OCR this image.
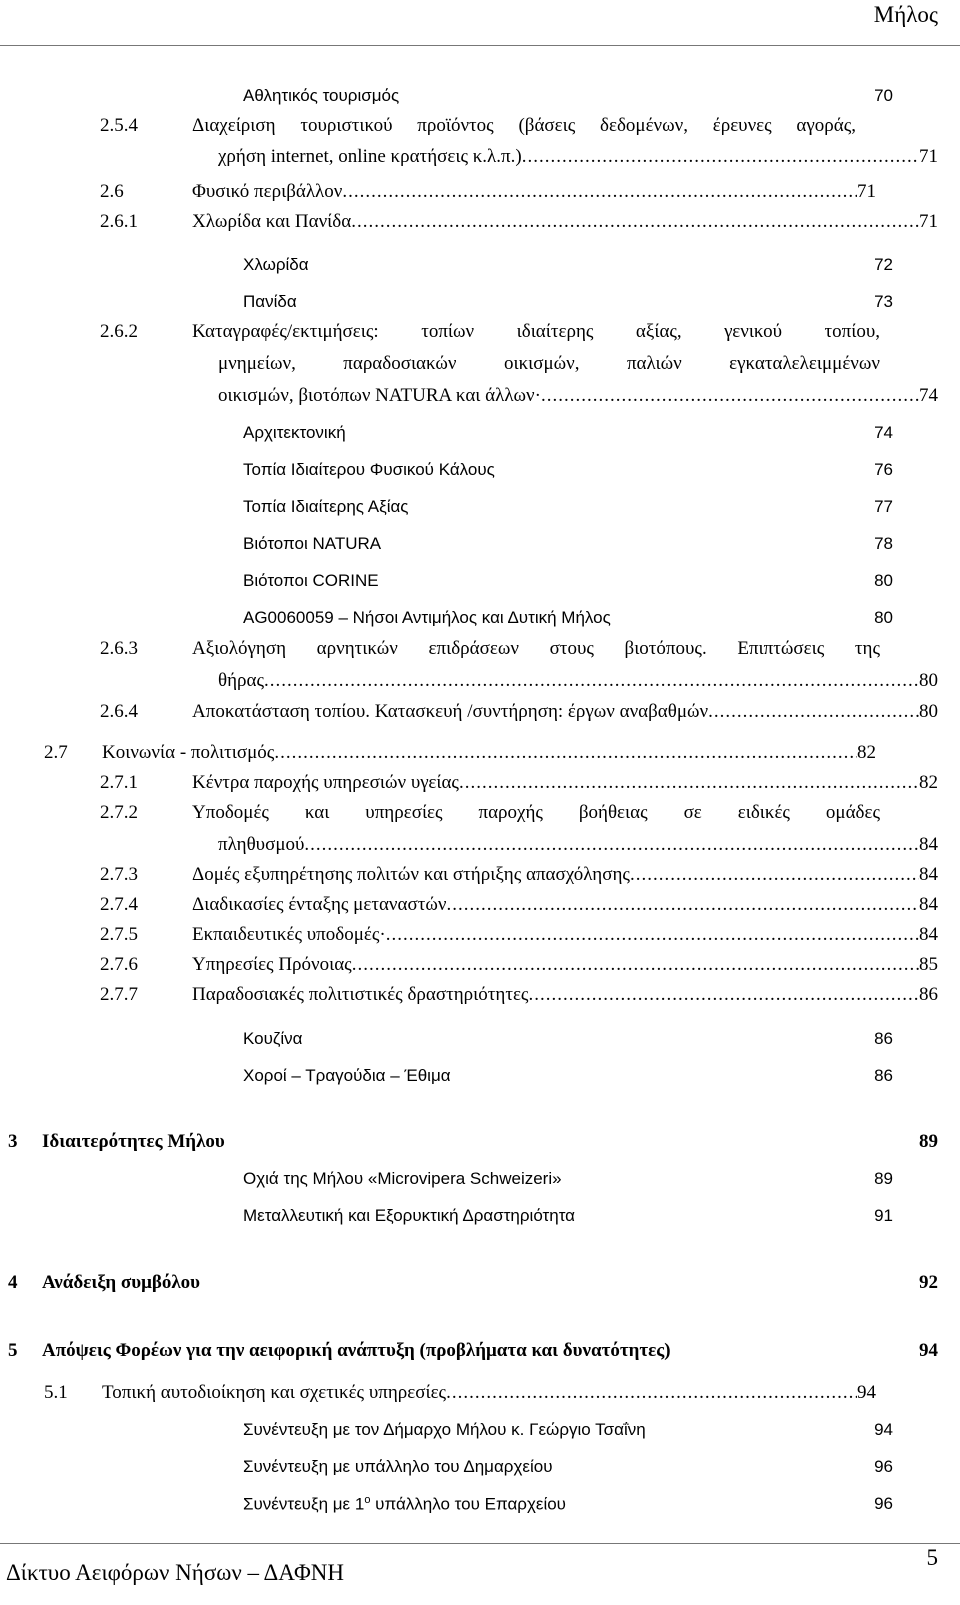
Μήλος
Αθλητικός τουρισμός	70
2.5.4	Διαχείριση τουριστικού προϊόντος (βάσεις δεδομένων, έρευνες αγοράς,
χρήση internet, online κρατήσεις κ.λ.π.) .....	71
2.6	Φυσικό περιβάλλον .....	71
2.6.1	Χλωρίδα και Πανίδα .....	71
Χλωρίδα	72
Πανίδα	73
2.6.2	Καταγραφές/εκτιμήσεις: τοπίων ιδιαίτερης αξίας, γενικού τοπίου,
μνημείων, παραδοσιακών οικισμών, παλιών εγκαταλελειμμένων
οικισμών, βιοτόπων NATURA και άλλων· .....	74
Αρχιτεκτονική	74
Τοπία Ιδιαίτερου Φυσικού Κάλους	76
Τοπία Ιδιαίτερης Αξίας	77
Βιότοποι NATURA	78
Βιότοποι CORINE	80
AG0060059 – Νήσοι Αντιμήλος και Δυτική Μήλος	80
2.6.3	Αξιολόγηση αρνητικών επιδράσεων στους βιοτόπους. Επιπτώσεις της
θήρας .....	80
2.6.4	Αποκατάσταση τοπίου. Κατασκευή /συντήρηση: έργων αναβαθμών .....	80
2.7 Κοινωνία - πολιτισμός .....	82
2.7.1	Κέντρα παροχής υπηρεσιών υγείας .....	82
2.7.2	Υποδομές και υπηρεσίες παροχής βοήθειας σε ειδικές ομάδες
πληθυσμού .....	84
2.7.3	Δομές εξυπηρέτησης πολιτών και στήριξης απασχόλησης .....	84
2.7.4	Διαδικασίες ένταξης μεταναστών .....	84
2.7.5	Εκπαιδευτικές υποδομές· .....	84
2.7.6	Υπηρεσίες Πρόνοιας .....	85
2.7.7	Παραδοσιακές πολιτιστικές δραστηριότητες .....	86
Κουζίνα	86
Χοροί – Τραγούδια – Έθιμα	86
3 Ιδιαιτερότητες Μήλου	89
Οχιά της Μήλου «Microvipera Schweizeri»	89
Μεταλλευτική και Εξορυκτική Δραστηριότητα	91
4 Ανάδειξη συμβόλου	92
5 Απόψεις Φορέων για την αειφορική ανάπτυξη (προβλήματα και δυνατότητες)	94
5.1 Τοπική αυτοδιοίκηση και σχετικές υπηρεσίες .....	94
Συνέντευξη με τον Δήμαρχο Μήλου κ. Γεώργιο Τσαΐνη	94
Συνέντευξη με υπάλληλο του Δημαρχείου	96
Συνέντευξη με $1^o$ υπάλληλο του Επαρχείου	96
Δίκτυο Αειφόρων Νήσων – ΔΑΦΝΗ
5
